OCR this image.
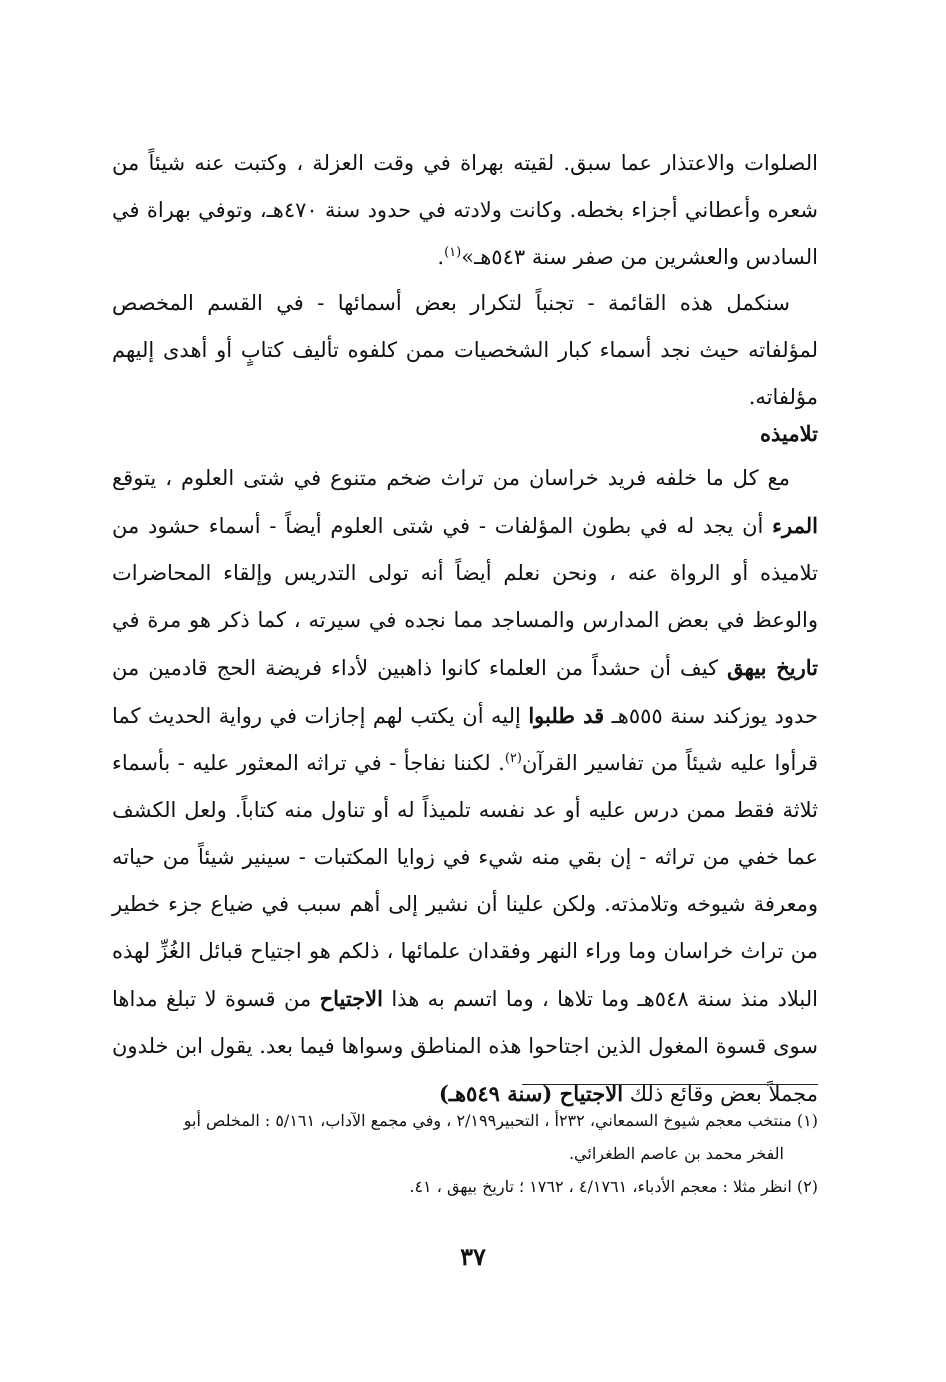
الصلوات والاعتذار عما سبق. لقيته بهراة في وقت العزلة ، وكتبت عنه شيئاً من شعره وأعطاني أجزاء بخطه. وكانت ولادته في حدود سنة ٤٧٠هـ، وتوفي بهراة في السادس والعشرين من صفر سنة ٥٤٣هـ»$^{(١)}$.

سنكمل هذه القائمة - تجنباً لتكرار بعض أسمائها - في القسم المخصص لمؤلفاته حيث نجد أسماء كبار الشخصيات ممن كلفوه تأليف كتابٍ أو أهدى إليهم مؤلفاته.

تلاميذه

مع كل ما خلفه فريد خراسان من تراث ضخم متنوع في شتى العلوم ، يتوقع المرء أن يجد له في بطون المؤلفات - في شتى العلوم أيضاً - أسماء حشود من تلاميذه أو الرواة عنه ، ونحن نعلم أيضاً أنه تولى التدريس وإلقاء المحاضرات والوعظ في بعض المدارس والمساجد مما نجده في سيرته ، كما ذكر هو مرة في تاريخ بيهق كيف أن حشداً من العلماء كانوا ذاهبين لأداء فريضة الحج قادمين من حدود يوزكند سنة ٥٥٥هـ قد طلبوا إليه أن يكتب لهم إجازات في رواية الحديث كما قرأوا عليه شيئاً من تفاسير القرآن$^{(٢)}$. لكننا نفاجأ - في تراثه المعثور عليه - بأسماء ثلاثة فقط ممن درس عليه أو عد نفسه تلميذاً له أو تناول منه كتاباً. ولعل الكشف عما خفي من تراثه - إن بقي منه شيء في زوايا المكتبات - سينير شيئاً من حياته ومعرفة شيوخه وتلامذته. ولكن علينا أن نشير إلى أهم سبب في ضياع جزء خطير من تراث خراسان وما وراء النهر وفقدان علمائها ، ذلكم هو اجتياح قبائل الغُزِّ لهذه البلاد منذ سنة ٥٤٨هـ وما تلاها ، وما اتسم به هذا الاجتياح من قسوة لا تبلغ مداها سوى قسوة المغول الذين اجتاحوا هذه المناطق وسواها فيما بعد. يقول ابن خلدون مجملاً بعض وقائع ذلك الاجتياح (سنة ٥٤٩هـ)

(١) منتخب معجم شيوخ السمعاني، ٢٣٢أ ، التحبير٢/١٩٩ ، وفي مجمع الآداب، ٥/١٦١ : المخلص أبو

الفخر محمد بن عاصم الطغرائي.

(٢) انظر مثلا : معجم الأدباء، ٤/١٧٦١ ، ١٧٦٢ ؛ تاريخ بيهق ، ٤١.

٣٧
